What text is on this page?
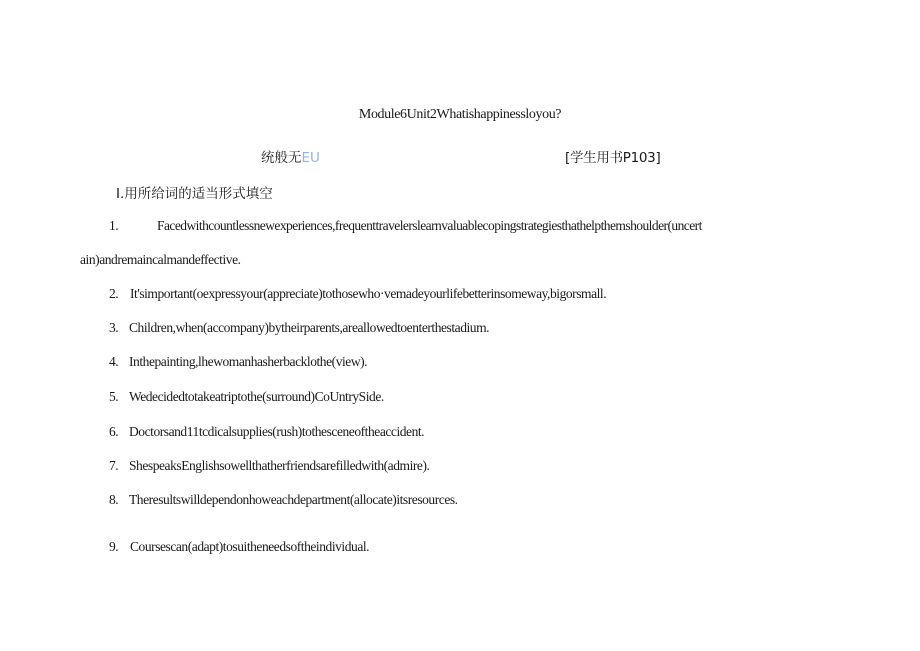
Module6Unit2Whatishappinessloyou?
统般无EU	[学生用书P103]
I.用所给词的适当形式填空
1.	Facedwithcountlessnewexperiences,frequenttravelerslearnvaluablecopingstrategiesthathelpthemshoulder(uncert
ain)andremaincalmandeffective.
2. It'simportant(oexpressyour(appreciate)tothosewho·vemadeyourlifebetterinsomeway,bigorsmall.
3. Children,when(accompany)bytheirparents,areallowedtoenterthestadium.
4. Inthepainting,lhewomanhasherbacklothe(view).
5. Wedecidedtotakeatriptothe(surround)CoUntrySide.
6. Doctorsand11tcdicalsupplies(rush)tothesceneoftheaccident.
7. ShespeaksEnglishsowellthatherfriendsarefilledwith(admire).
8. Theresultswilldependonhoweachdepartment(allocate)itsresources.
9. Coursescan(adapt)tosuitheneedsoftheindividual.
